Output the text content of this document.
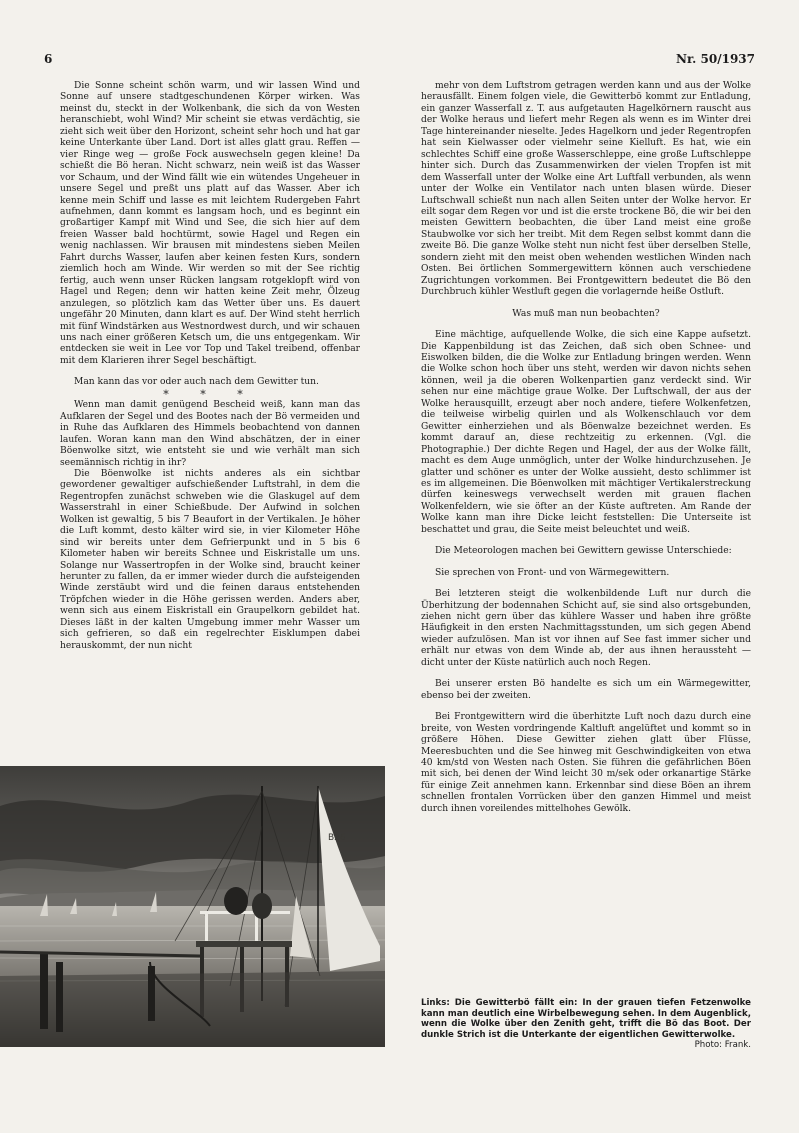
6	Nr. 50/1937

Die Sonne scheint schön warm, und wir lassen Wind und Sonne auf unsere stadtgeschundenen Körper wirken. Was meinst du, steckt in der Wolkenbank, die sich da von Westen heranschiebt, wohl Wind? Mir scheint sie etwas verdächtig, sie zieht sich weit über den Horizont, scheint sehr hoch und hat gar keine Unterkante über Land. Dort ist alles glatt grau. Reffen — vier Ringe weg — große Fock auswechseln gegen kleine! Da schießt die Bö heran. Nicht schwarz, nein weiß ist das Wasser vor Schaum, und der Wind fällt wie ein wütendes Ungeheuer in unsere Segel und preßt uns platt auf das Wasser. Aber ich kenne mein Schiff und lasse es mit leichtem Rudergeben Fahrt aufnehmen, dann kommt es langsam hoch, und es beginnt ein großartiger Kampf mit Wind und See, die sich hier auf dem freien Wasser bald hochtürmt, sowie Hagel und Regen ein wenig nachlassen. Wir brausen mit mindestens sieben Meilen Fahrt durchs Wasser, laufen aber keinen festen Kurs, sondern ziemlich hoch am Winde. Wir werden so mit der See richtig fertig, auch wenn unser Rücken langsam rotgeklopft wird von Hagel und Regen; denn wir hatten keine Zeit mehr, Ölzeug anzulegen, so plötzlich kam das Wetter über uns. Es dauert ungefähr 20 Minuten, dann klart es auf. Der Wind steht herrlich mit fünf Windstärken aus Westnordwest durch, und wir schauen uns nach einer größeren Ketsch um, die uns entgegenkam. Wir entdecken sie weit in Lee vor Top und Takel treibend, offenbar mit dem Klarieren ihrer Segel beschäftigt.

Man kann das vor oder auch nach dem Gewitter tun.

* * *

Wenn man damit genügend Bescheid weiß, kann man das Aufklaren der Segel und des Bootes nach der Bö vermeiden und in Ruhe das Aufklaren des Himmels beobachtend von dannen laufen. Woran kann man den Wind abschätzen, der in einer Böenwolke sitzt, wie entsteht sie und wie verhält man sich seemännisch richtig in ihr?

Die Böenwolke ist nichts anderes als ein sichtbar gewordener gewaltiger aufschießender Luftstrahl, in dem die Regentropfen zunächst schweben wie die Glaskugel auf dem Wasserstrahl in einer Schießbude. Der Aufwind in solchen Wolken ist gewaltig, 5 bis 7 Beaufort in der Vertikalen. Je höher die Luft kommt, desto kälter wird sie, in vier Kilometer Höhe sind wir bereits unter dem Gefrierpunkt und in 5 bis 6 Kilometer haben wir bereits Schnee und Eiskristalle um uns. Solange nur Wassertropfen in der Wolke sind, braucht keiner herunter zu fallen, da er immer wieder durch die aufsteigenden Winde zerstäubt wird und die feinen daraus entstehenden Tröpfchen wieder in die Höhe gerissen werden. Anders aber, wenn sich aus einem Eiskristall ein Graupelkorn gebildet hat. Dieses läßt in der kalten Umgebung immer mehr Wasser um sich gefrieren, so daß ein regelrechter Eisklumpen dabei herauskommt, der nun nicht

mehr von dem Luftstrom getragen werden kann und aus der Wolke herausfällt. Einem folgen viele, die Gewitterbö kommt zur Entladung, ein ganzer Wasserfall z. T. aus aufgetauten Hagelkörnern rauscht aus der Wolke heraus und liefert mehr Regen als wenn es im Winter drei Tage hintereinander nieselte. Jedes Hagelkorn und jeder Regentropfen hat sein Kielwasser oder vielmehr seine Kielluft. Es hat, wie ein schlechtes Schiff eine große Wasserschleppe, eine große Luftschleppe hinter sich. Durch das Zusammenwirken der vielen Tropfen ist mit dem Wasserfall unter der Wolke eine Art Luftfall verbunden, als wenn unter der Wolke ein Ventilator nach unten blasen würde. Dieser Luftschwall schießt nun nach allen Seiten unter der Wolke hervor. Er eilt sogar dem Regen vor und ist die erste trockene Bö, die wir bei den meisten Gewittern beobachten, die über Land meist eine große Staubwolke vor sich her treibt. Mit dem Regen selbst kommt dann die zweite Bö. Die ganze Wolke steht nun nicht fest über derselben Stelle, sondern zieht mit den meist oben wehenden westlichen Winden nach Osten. Bei örtlichen Sommergewittern können auch verschiedene Zugrichtungen vorkommen. Bei Frontgewittern bedeutet die Bö den Durchbruch kühler Westluft gegen die vorlagernde heiße Ostluft.

Was muß man nun beobachten?

Eine mächtige, aufquellende Wolke, die sich eine Kappe aufsetzt. Die Kappenbildung ist das Zeichen, daß sich oben Schnee- und Eiswolken bilden, die die Wolke zur Entladung bringen werden. Wenn die Wolke schon hoch über uns steht, werden wir davon nichts sehen können, weil ja die oberen Wolkenpartien ganz verdeckt sind. Wir sehen nur eine mächtige graue Wolke. Der Luftschwall, der aus der Wolke herausquillt, erzeugt aber noch andere, tiefere Wolkenfetzen, die teilweise wirbelig quirlen und als Wolkenschlauch vor dem Gewitter einherziehen und als Böenwalze bezeichnet werden. Es kommt darauf an, diese rechtzeitig zu erkennen. (Vgl. die Photographie.) Der dichte Regen und Hagel, der aus der Wolke fällt, macht es dem Auge unmöglich, unter der Wolke hindurchzusehen. Je glatter und schöner es unter der Wolke aussieht, desto schlimmer ist es im allgemeinen. Die Böenwolken mit mächtiger Vertikalerstreckung dürfen keineswegs verwechselt werden mit grauen flachen Wolkenfeldern, wie sie öfter an der Küste auftreten. Am Rande der Wolke kann man ihre Dicke leicht feststellen: Die Unterseite ist beschattet und grau, die Seite meist beleuchtet und weiß.

Die Meteorologen machen bei Gewittern gewisse Unterschiede:

Sie sprechen von Front- und von Wärmegewittern.

Bei letzteren steigt die wolkenbildende Luft nur durch die Überhitzung der bodennahen Schicht auf, sie sind also ortsgebunden, ziehen nicht gern über das kühlere Wasser und haben ihre größte Häufigkeit in den ersten Nachmittagsstunden, um sich gegen Abend wieder aufzulösen. Man ist vor ihnen auf See fast immer sicher und erhält nur etwas von dem Winde ab, der aus ihnen heraussteht — dicht unter der Küste natürlich auch noch Regen.

Bei unserer ersten Bö handelte es sich um ein Wärmegewitter, ebenso bei der zweiten.

Bei Frontgewittern wird die überhitzte Luft noch dazu durch eine breite, von Westen vordringende Kaltluft angelüftet und kommt so in größere Höhen. Diese Gewitter ziehen glatt über Flüsse, Meeresbuchten und die See hinweg mit Geschwindigkeiten von etwa 40 km/std von Westen nach Osten. Sie führen die gefährlichen Böen mit sich, bei denen der Wind leicht 30 m/sek oder orkanartige Stärke für einige Zeit annehmen kann. Erkennbar sind diese Böen an ihrem schnellen frontalen Vorrücken über den ganzen Himmel und meist durch ihnen voreilendes mittelhohes Gewölk.

B26
Links: Die Gewitterbö fällt ein: In der grauen tiefen Fetzenwolke kann man deutlich eine Wirbelbewegung sehen. In dem Augenblick, wenn die Wolke über den Zenith geht, trifft die Bö das Boot. Der dunkle Strich ist die Unterkante der eigentlichen Gewitterwolke.
Photo: Frank.
